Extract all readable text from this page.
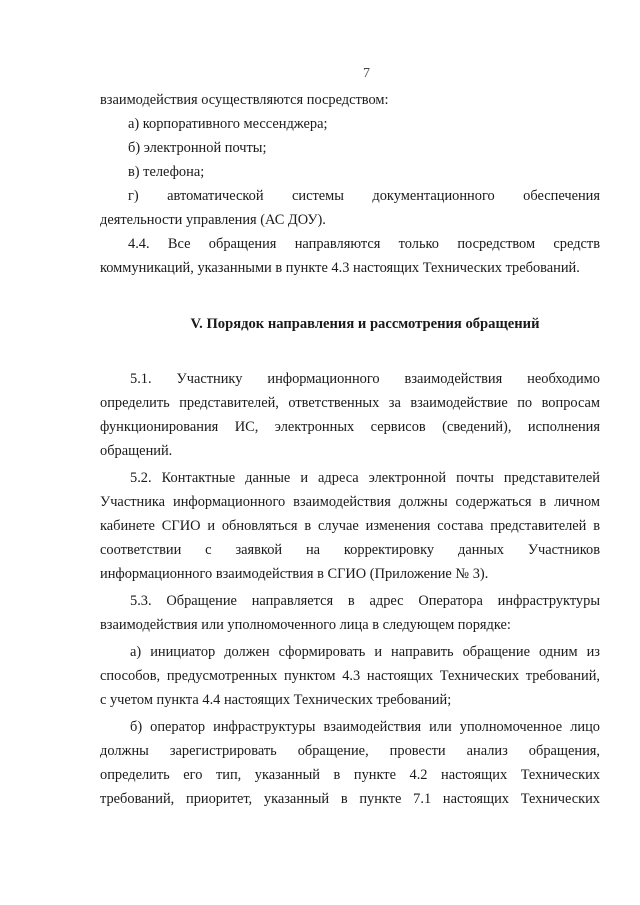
7

взаимодействия осуществляются посредством:

а) корпоративного мессенджера;

б) электронной почты;

в) телефона;

г) автоматической системы документационного обеспечения

деятельности управления (АС ДОУ).

4.4. Все обращения направляются только посредством средств

коммуникаций, указанными в пункте 4.3 настоящих Технических требований.

V. Порядок направления и рассмотрения обращений

5.1. Участнику информационного взаимодействия необходимо

определить представителей, ответственных за взаимодействие по вопросам

функционирования ИС, электронных сервисов (сведений), исполнения

обращений.

5.2. Контактные данные и адреса электронной почты представителей

Участника информационного взаимодействия должны содержаться в личном

кабинете СГИО и обновляться в случае изменения состава представителей в

соответствии с заявкой на корректировку данных Участников

информационного взаимодействия в СГИО (Приложение № 3).

5.3. Обращение направляется в адрес Оператора инфраструктуры

взаимодействия или уполномоченного лица в следующем порядке:

а) инициатор должен сформировать и направить обращение одним из

способов, предусмотренных пунктом 4.3 настоящих Технических требований,

с учетом пункта 4.4 настоящих Технических требований;

б) оператор инфраструктуры взаимодействия или уполномоченное лицо

должны зарегистрировать обращение, провести анализ обращения,

определить его тип, указанный в пункте 4.2 настоящих Технических

требований, приоритет, указанный в пункте 7.1 настоящих Технических
